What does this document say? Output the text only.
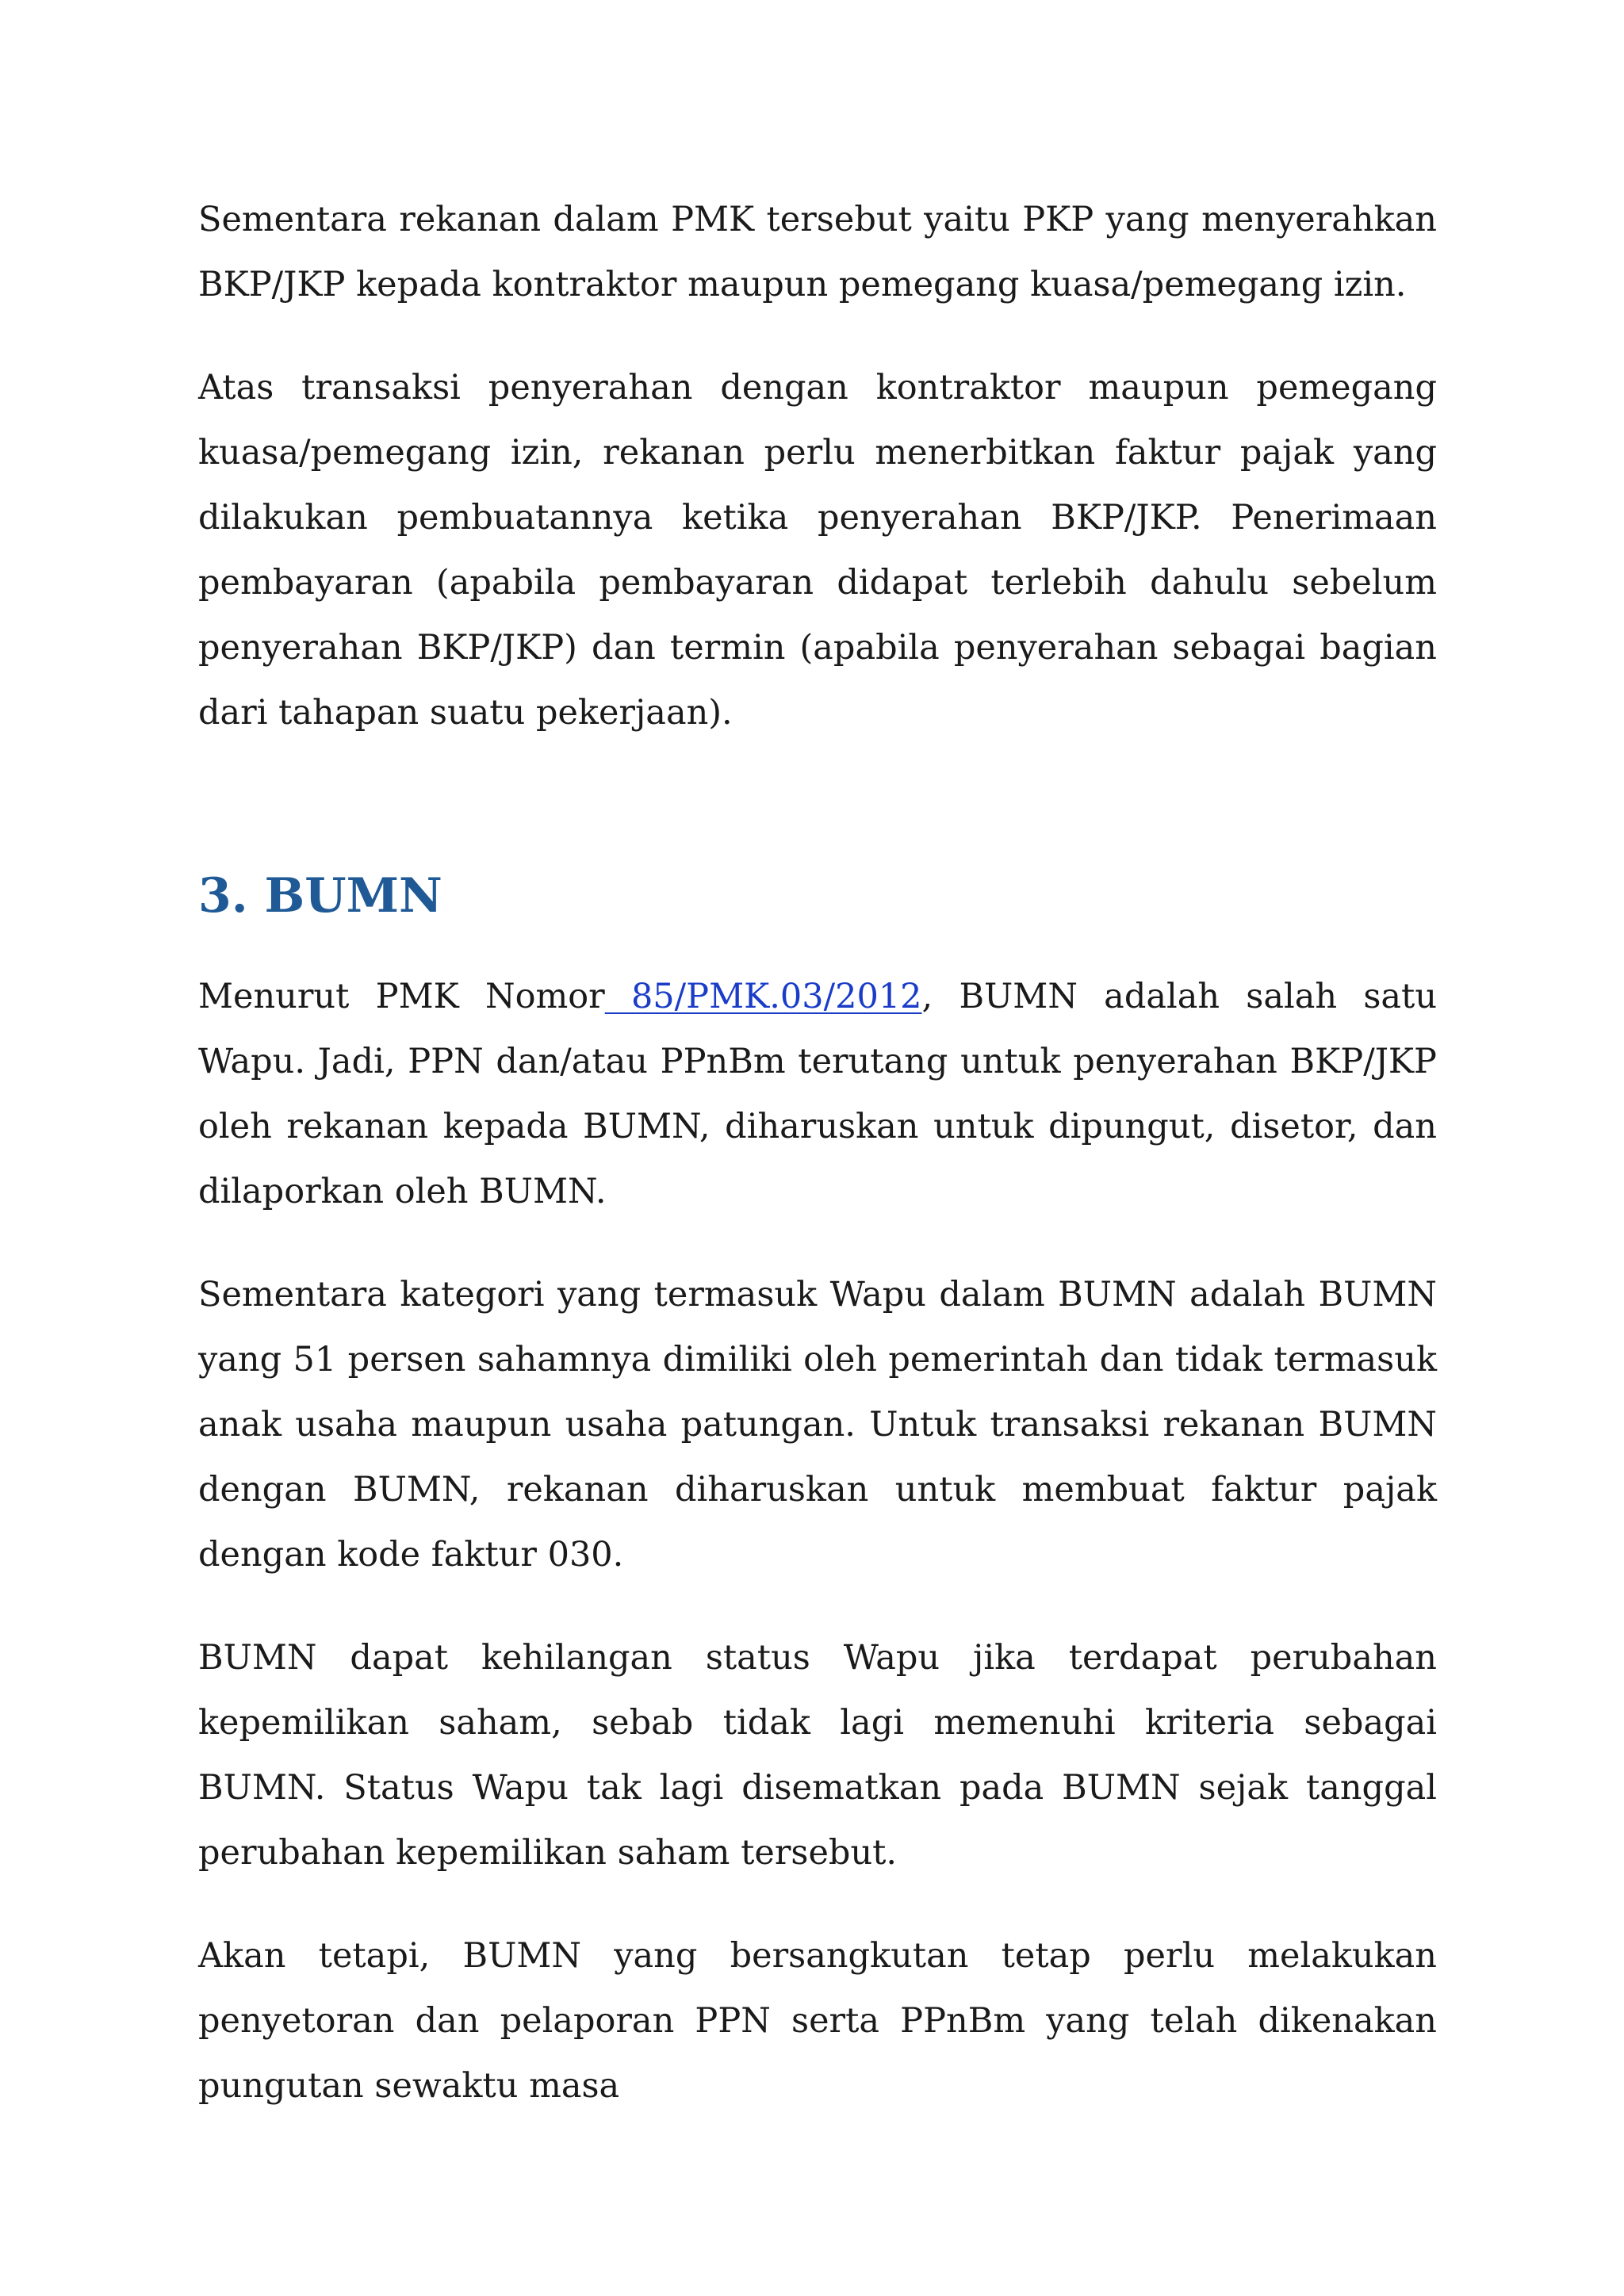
Sementara rekanan dalam PMK tersebut yaitu PKP yang menyerahkan BKP/JKP kepada kontraktor maupun pemegang kuasa/pemegang izin.

Atas transaksi penyerahan dengan kontraktor maupun pemegang kuasa/pemegang izin, rekanan perlu menerbitkan faktur pajak yang dilakukan pembuatannya ketika penyerahan BKP/JKP. Penerimaan pembayaran (apabila pembayaran didapat terlebih dahulu sebelum penyerahan BKP/JKP) dan termin (apabila penyerahan sebagai bagian dari tahapan suatu pekerjaan).

3. BUMN

Menurut PMK Nomor 85/PMK.03/2012, BUMN adalah salah satu Wapu. Jadi, PPN dan/atau PPnBm terutang untuk penyerahan BKP/JKP oleh rekanan kepada BUMN, diharuskan untuk dipungut, disetor, dan dilaporkan oleh BUMN.

Sementara kategori yang termasuk Wapu dalam BUMN adalah BUMN yang 51 persen sahamnya dimiliki oleh pemerintah dan tidak termasuk anak usaha maupun usaha patungan. Untuk transaksi rekanan BUMN dengan BUMN, rekanan diharuskan untuk membuat faktur pajak dengan kode faktur 030.

BUMN dapat kehilangan status Wapu jika terdapat perubahan kepemilikan saham, sebab tidak lagi memenuhi kriteria sebagai BUMN. Status Wapu tak lagi disematkan pada BUMN sejak tanggal perubahan kepemilikan saham tersebut.

Akan tetapi, BUMN yang bersangkutan tetap perlu melakukan penyetoran dan pelaporan PPN serta PPnBm yang telah dikenakan pungutan sewaktu masa
